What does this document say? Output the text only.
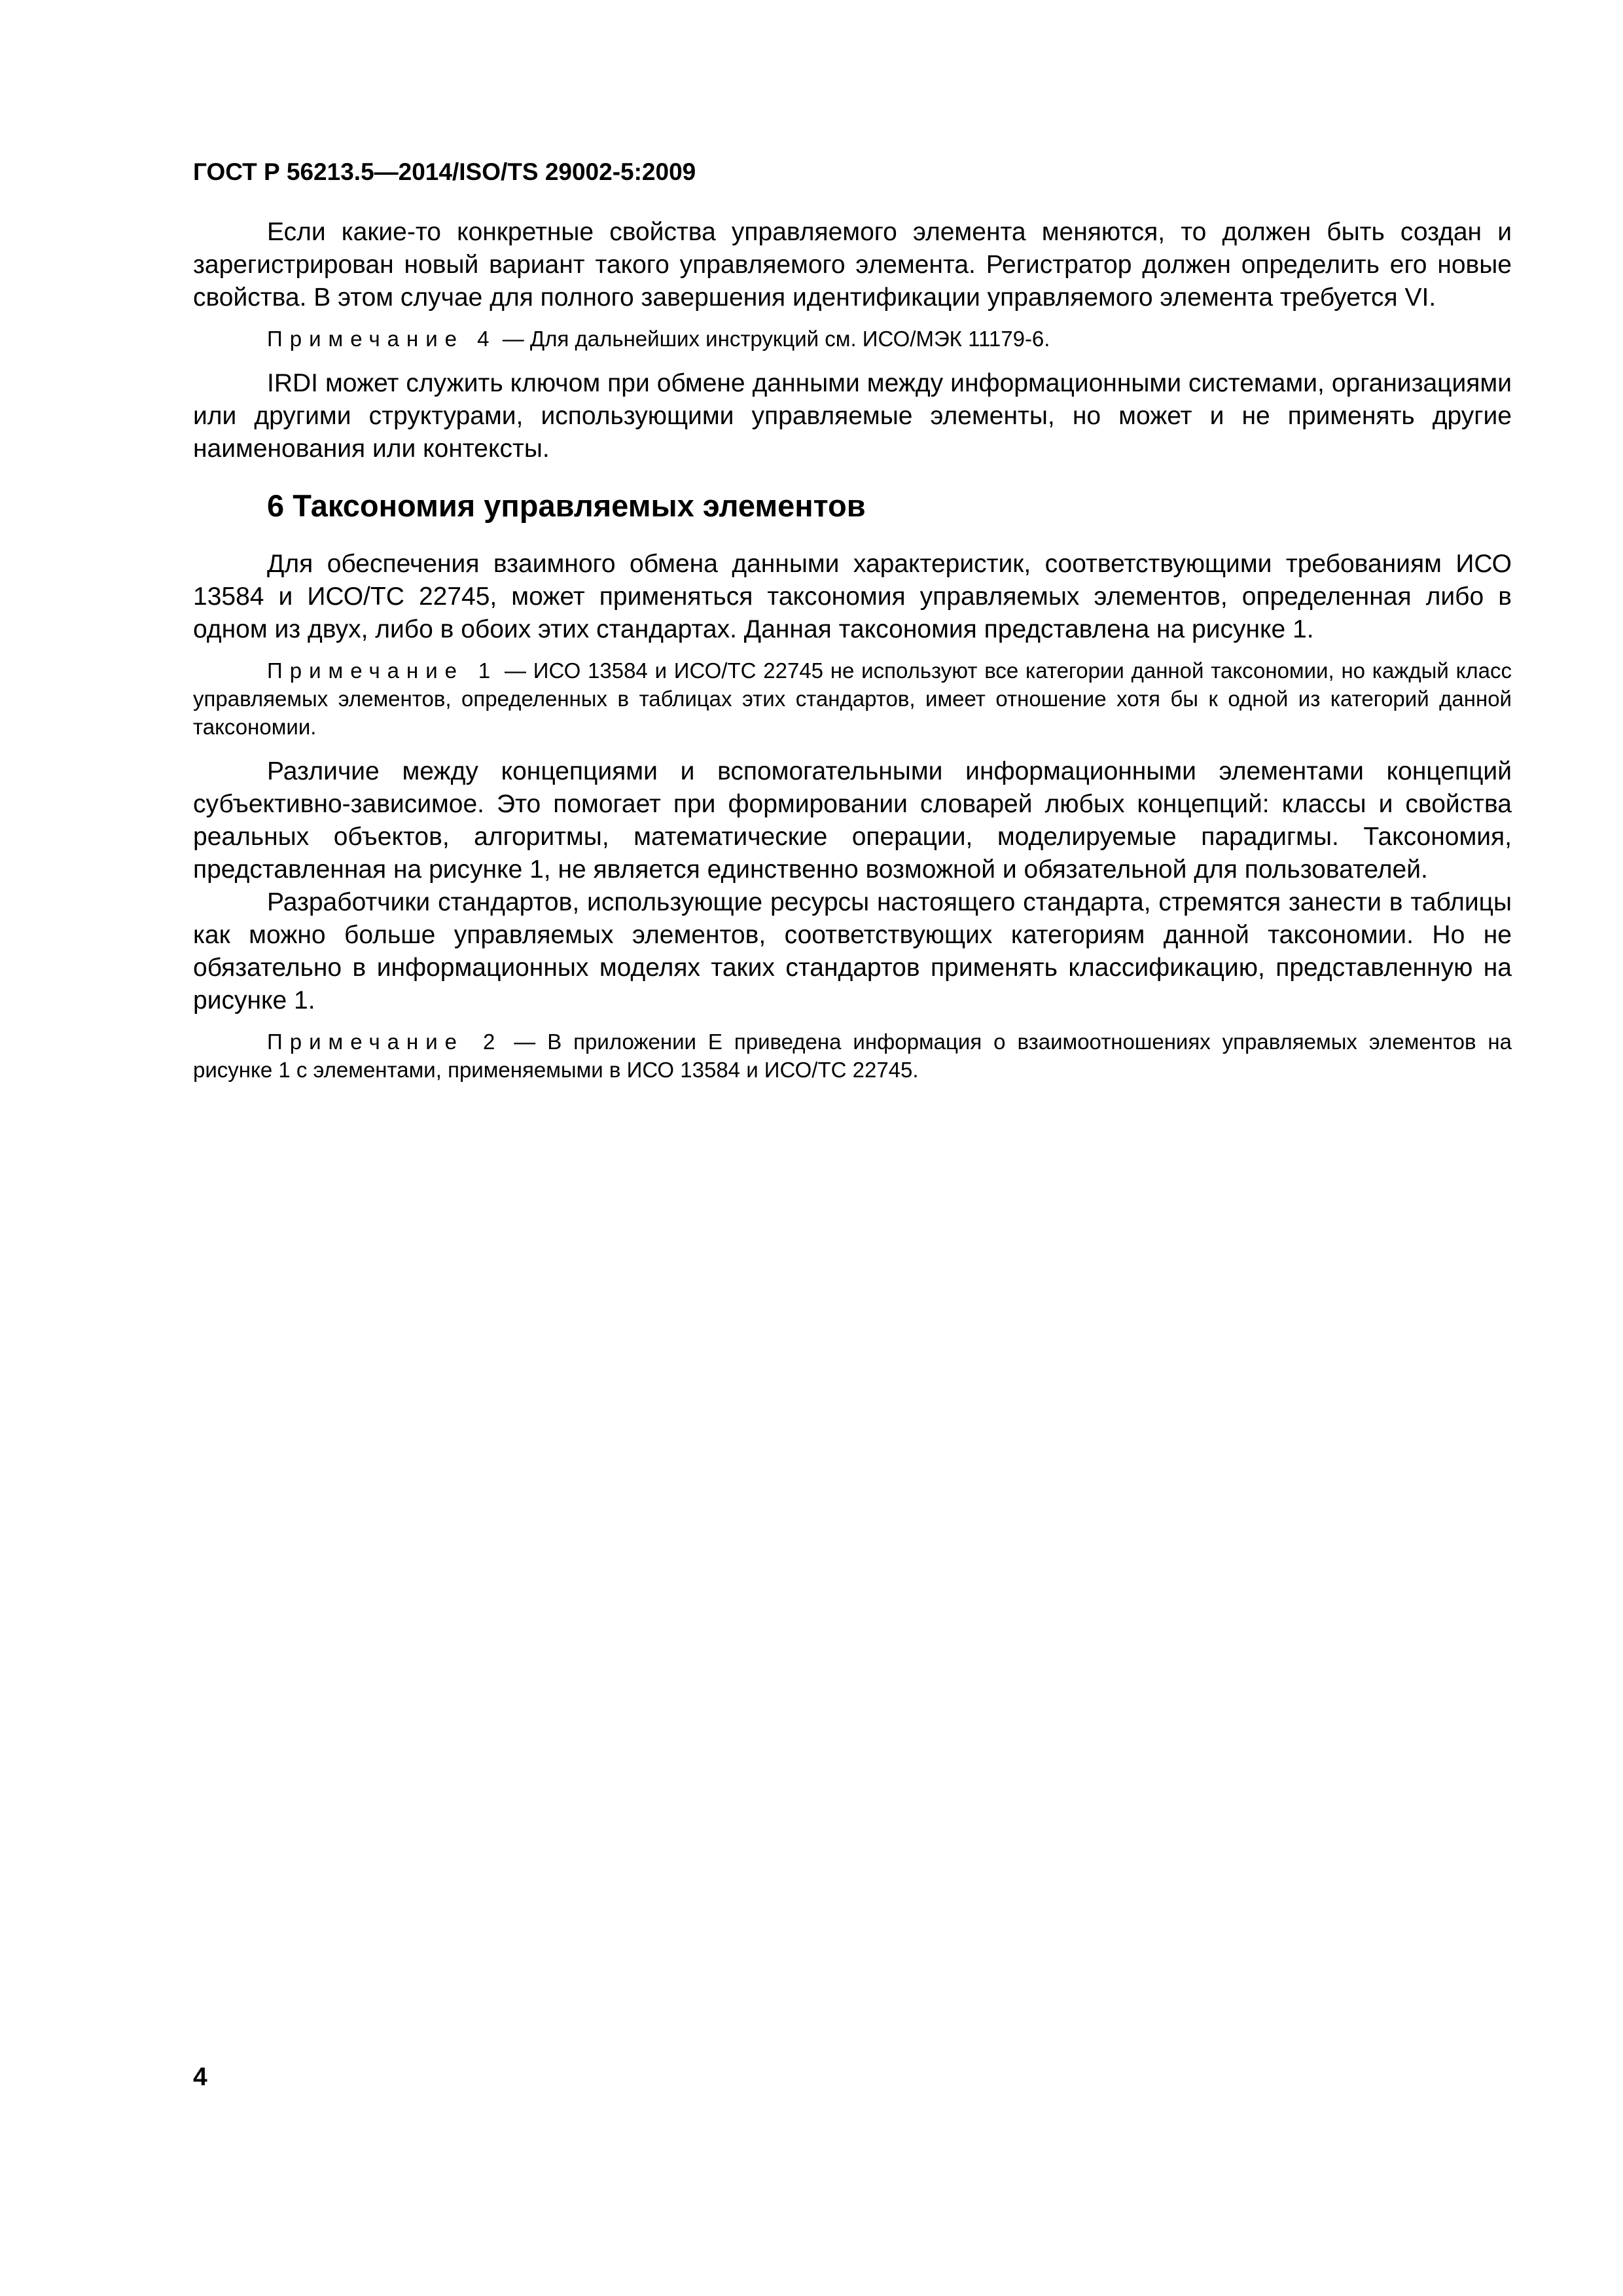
ГОСТ Р 56213.5—2014/ISO/TS 29002-5:2009

Если какие-то конкретные свойства управляемого элемента меняются, то должен быть создан и зарегистрирован новый вариант такого управляемого элемента. Регистратор должен определить его новые свойства. В этом случае для полного завершения идентификации управляемого элемента требуется VI.

Примечание 4 — Для дальнейших инструкций см. ИСО/МЭК 11179-6.

IRDI может служить ключом при обмене данными между информационными системами, организациями или другими структурами, использующими управляемые элементы, но может и не применять другие наименования или контексты.

6 Таксономия управляемых элементов

Для обеспечения взаимного обмена данными характеристик, соответствующими требованиям ИСО 13584 и ИСО/ТС 22745, может применяться таксономия управляемых элементов, определенная либо в одном из двух, либо в обоих этих стандартах. Данная таксономия представлена на рисунке 1.

Примечание 1 — ИСО 13584 и ИСО/ТС 22745 не используют все категории данной таксономии, но каждый класс управляемых элементов, определенных в таблицах этих стандартов, имеет отношение хотя бы к одной из категорий данной таксономии.

Различие между концепциями и вспомогательными информационными элементами концепций субъективно-зависимое. Это помогает при формировании словарей любых концепций: классы и свойства реальных объектов, алгоритмы, математические операции, моделируемые парадигмы. Таксономия, представленная на рисунке 1, не является единственно возможной и обязательной для пользователей.

Разработчики стандартов, использующие ресурсы настоящего стандарта, стремятся занести в таблицы как можно больше управляемых элементов, соответствующих категориям данной таксономии. Но не обязательно в информационных моделях таких стандартов применять классификацию, представленную на рисунке 1.

Примечание 2 — В приложении Е приведена информация о взаимоотношениях управляемых элементов на рисунке 1 с элементами, применяемыми в ИСО 13584 и ИСО/ТС 22745.

4
